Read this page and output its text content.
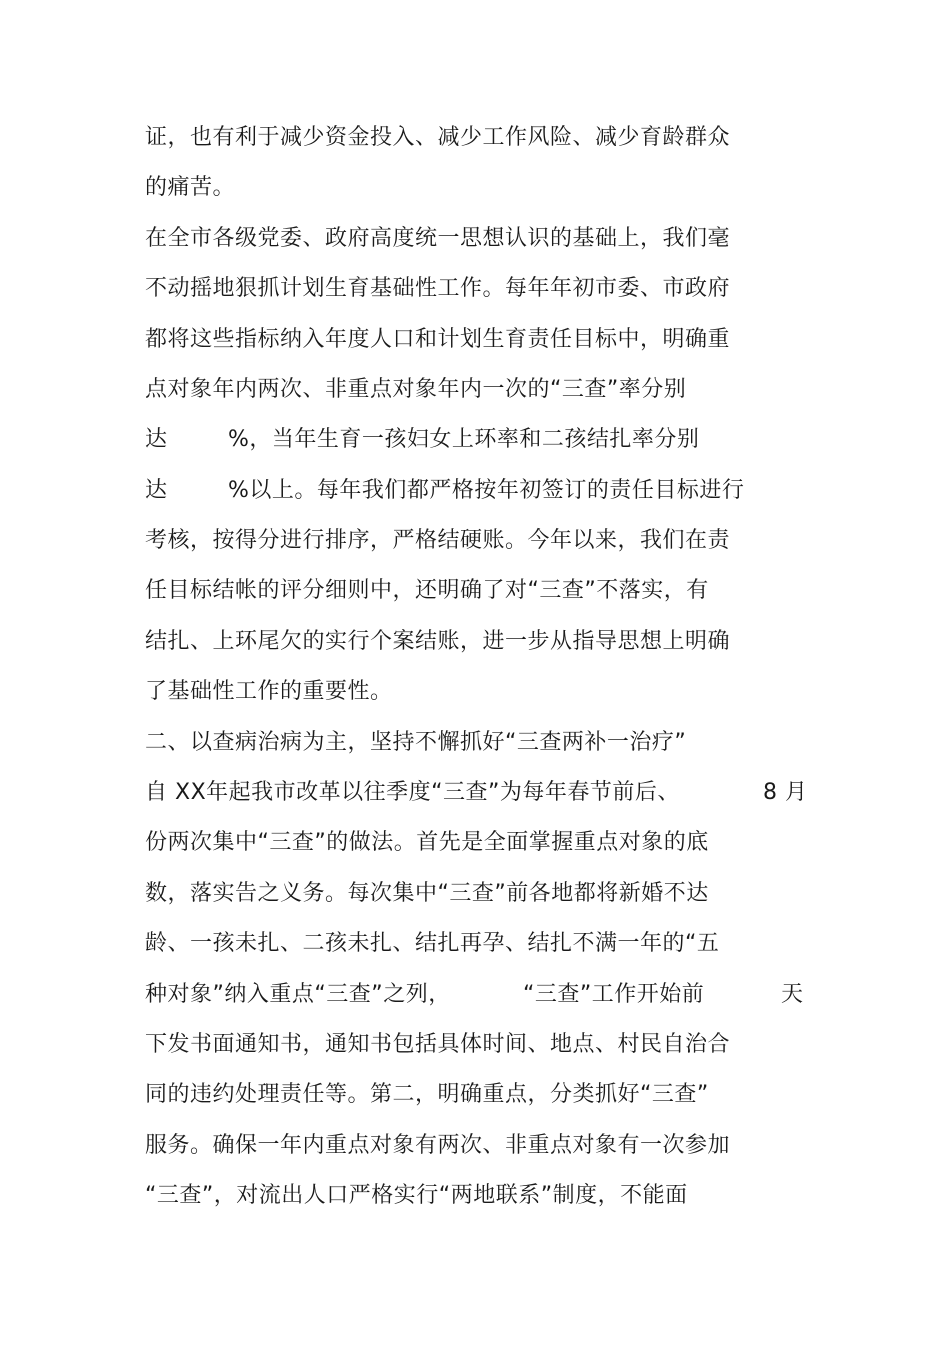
证，也有利于减少资金投入、减少工作风险、减少育龄群众
的痛苦。
在全市各级党委、政府高度统一思想认识的基础上，我们毫
不动摇地狠抓计划生育基础性工作。每年年初市委、市政府
都将这些指标纳入年度人口和计划生育责任目标中，明确重
点对象年内两次、非重点对象年内一次的“三查”率分别
达	%，当年生育一孩妇女上环率和二孩结扎率分别
达	%以上。每年我们都严格按年初签订的责任目标进行
考核，按得分进行排序，严格结硬账。今年以来，我们在责
任目标结帐的评分细则中，还明确了对“三查”不落实，有
结扎、上环尾欠的实行个案结账，进一步从指导思想上明确
了基础性工作的重要性。
二、以查病治病为主，坚持不懈抓好“三查两补一治疗”
自 XX年起我市改革以往季度“三查”为每年春节前后、	8 月
份两次集中“三查”的做法。首先是全面掌握重点对象的底
数，落实告之义务。每次集中“三查”前各地都将新婚不达
龄、一孩未扎、二孩未扎、结扎再孕、结扎不满一年的“五
种对象”纳入重点“三查”之列，	“三查”工作开始前	天
下发书面通知书，通知书包括具体时间、地点、村民自治合
同的违约处理责任等。第二，明确重点，分类抓好“三查”
服务。确保一年内重点对象有两次、非重点对象有一次参加
“三查”，对流出人口严格实行“两地联系”制度，不能面
